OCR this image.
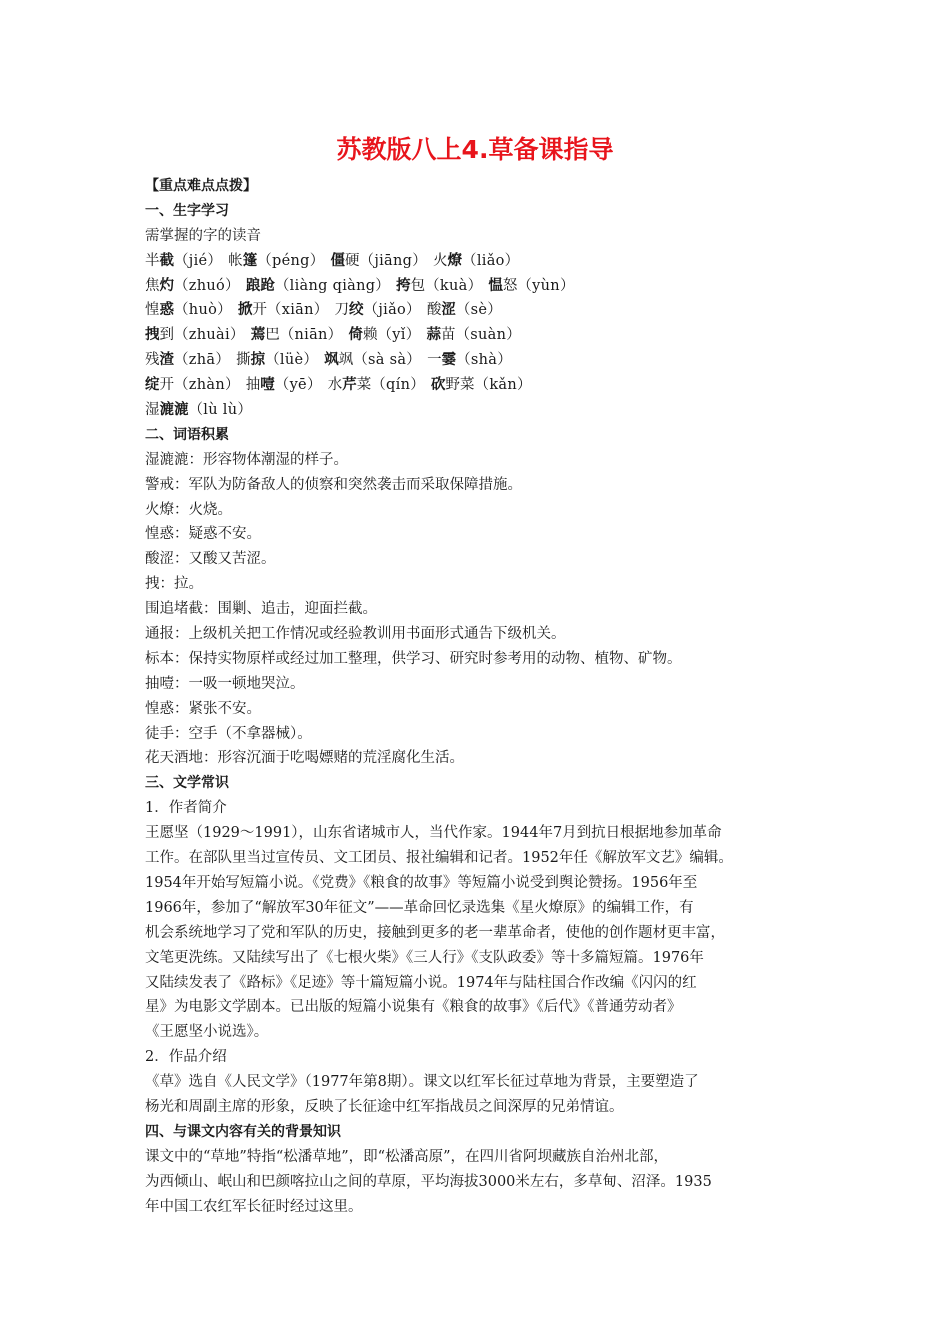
苏教版八上4.草备课指导
【重点难点点拨】
一、生字学习
需掌握的字的读音
半截（jié） 帐篷（péng） 僵硬（jiāng） 火燎（liǎo）
焦灼（zhuó） 踉跄（liàng qiàng） 挎包（kuà） 愠怒（yùn）
惶惑（huò） 掀开（xiān） 刀绞（jiǎo） 酸涩（sè）
拽到（zhuài） 蔫巴（niān） 倚赖（yǐ） 蒜苗（suàn）
残渣（zhā） 撕掠（lüè） 飒飒（sà sà） 一霎（shà）
绽开（zhàn） 抽噎（yē） 水芹菜（qín） 砍野菜（kǎn）
湿漉漉（lù lù）
二、词语积累
湿漉漉：形容物体潮湿的样子。
警戒：军队为防备敌人的侦察和突然袭击而采取保障措施。
火燎：火烧。
惶惑：疑惑不安。
酸涩：又酸又苦涩。
拽：拉。
围追堵截：围剿、追击，迎面拦截。
通报：上级机关把工作情况或经验教训用书面形式通告下级机关。
标本：保持实物原样或经过加工整理，供学习、研究时参考用的动物、植物、矿物。
抽噎：一吸一顿地哭泣。
惶惑：紧张不安。
徒手：空手（不拿器械）。
花天酒地：形容沉湎于吃喝嫖赌的荒淫腐化生活。
三、文学常识
1．作者简介
王愿坚（1929～1991），山东省诸城市人，当代作家。1944年7月到抗日根据地参加革命
工作。在部队里当过宣传员、文工团员、报社编辑和记者。1952年任《解放军文艺》编辑。
1954年开始写短篇小说。《党费》《粮食的故事》等短篇小说受到舆论赞扬。1956年至
1966年，参加了“解放军30年征文”——革命回忆录选集《星火燎原》的编辑工作，有
机会系统地学习了党和军队的历史，接触到更多的老一辈革命者，使他的创作题材更丰富，
文笔更洗练。又陆续写出了《七根火柴》《三人行》《支队政委》等十多篇短篇。1976年
又陆续发表了《路标》《足迹》等十篇短篇小说。1974年与陆柱国合作改编《闪闪的红
星》为电影文学剧本。已出版的短篇小说集有《粮食的故事》《后代》《普通劳动者》
《王愿坚小说选》。
2．作品介绍
《草》选自《人民文学》（1977年第8期）。课文以红军长征过草地为背景，主要塑造了
杨光和周副主席的形象，反映了长征途中红军指战员之间深厚的兄弟情谊。
四、与课文内容有关的背景知识
课文中的“草地”特指“松潘草地”，即“松潘高原”，在四川省阿坝藏族自治州北部，
为西倾山、岷山和巴颜喀拉山之间的草原，平均海拔3000米左右，多草甸、沼泽。1935
年中国工农红军长征时经过这里。
